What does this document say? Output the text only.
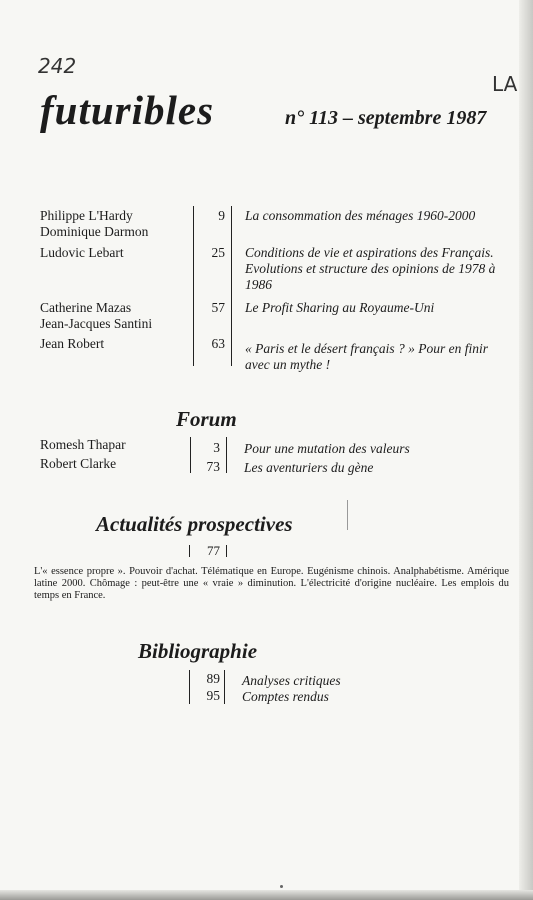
242
LA
futuribles	n° 113 – septembre 1987
Philippe L'Hardy
Dominique Darmon
9 La consommation des ménages 1960-2000
Ludovic Lebart	25 Conditions de vie et aspirations des Français. Evolutions et structure des opinions de 1978 à 1986
Catherine Mazas
Jean-Jacques Santini
57 Le Profit Sharing au Royaume-Uni
Jean Robert	63 « Paris et le désert français ? » Pour en finir avec un mythe !
Forum
Romesh Thapar	3 Pour une mutation des valeurs
Robert Clarke	73 Les aventuriers du gène
Actualités prospectives
77
L'« essence propre ». Pouvoir d'achat. Télématique en Europe. Eugénisme chinois. Analphabétisme. Amérique latine 2000. Chômage : peut-être une « vraie » diminution. L'électricité d'origine nucléaire. Les emplois du temps en France.
Bibliographie
89 Analyses critiques
95 Comptes rendus
